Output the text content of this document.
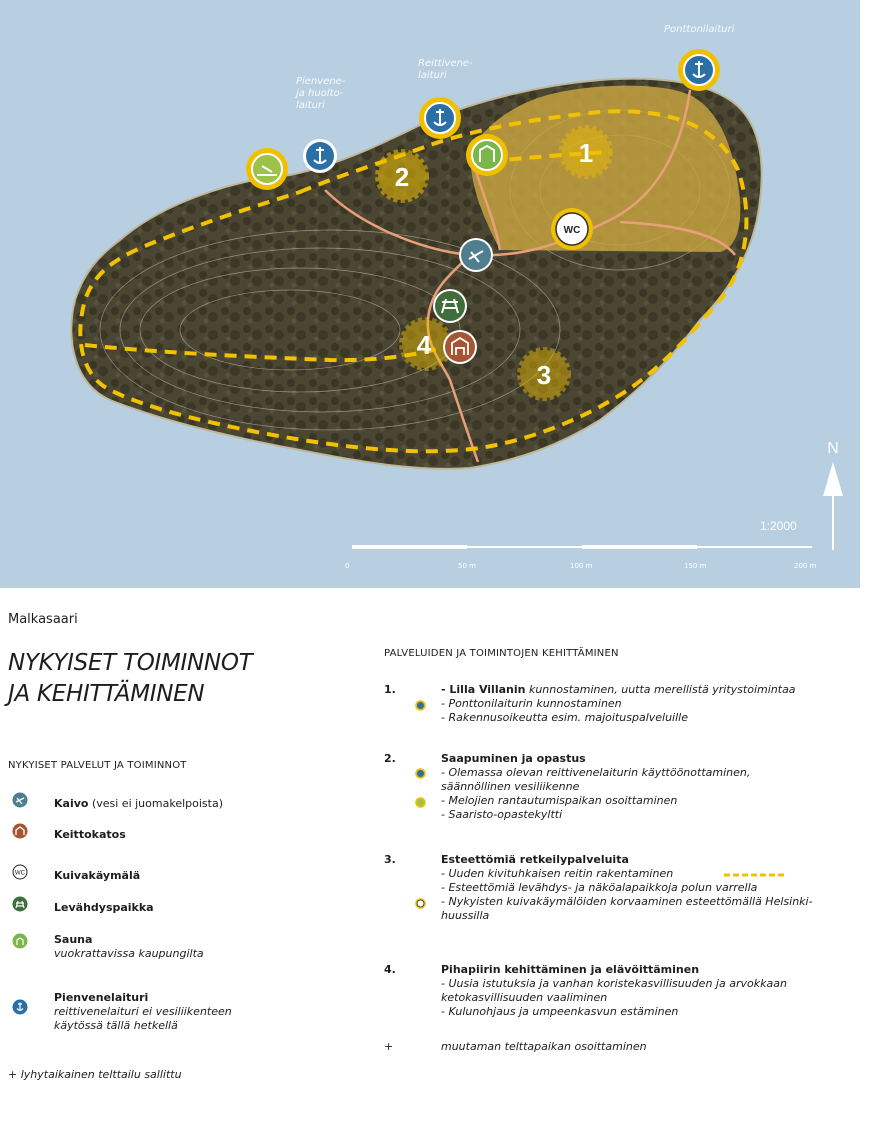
2
1
3
4
WC
N
1:2000
Pienvene- ja huolto- laituri
Reittivene- laituri
Ponttonilaituri
0	50 m	100 m	150 m	200 m
Malkasaari
NYKYISET TOIMINNOT
JA KEHITTÄMINEN
NYKYISET PALVELUT JA TOIMINNOT
Kaivo (vesi ei juomakelpoista)
Keittokatos
WC	Kuivakäymälä
Levähdyspaikka
Sauna
vuokrattavissa kaupungilta
Pienvenelaituri
reittivenelaituri ei vesiliikenteen käytössä tällä hetkellä
+ lyhytaikainen telttailu sallittu
PALVELUIDEN JA TOIMINTOJEN KEHITTÄMINEN
1.	- Lilla Villanin kunnostaminen, uutta merellistä yritystoimintaa
- Ponttonilaiturin kunnostaminen
- Rakennusoikeutta esim. majoituspalveluille
2.	Saapuminen ja opastus
- Olemassa olevan reittivenelaiturin käyttöönottaminen, säännöllinen vesiliikenne
- Melojien rantautumispaikan osoittaminen
- Saaristo-opastekyltti
3.	Esteettömiä retkeilypalveluita
- Uuden kivituhkaisen reitin rakentaminen
- Esteettömiä levähdys- ja näköalapaikkoja polun varrella
- Nykyisten kuivakäymälöiden korvaaminen esteettömällä Helsinki-huussilla
4.	Pihapiirin kehittäminen ja elävöittäminen
- Uusia istutuksia ja vanhan koristekasvillisuuden ja arvokkaan ketokasvillisuuden vaaliminen
- Kulunohjaus ja umpeenkasvun estäminen
+	muutaman telttapaikan osoittaminen
